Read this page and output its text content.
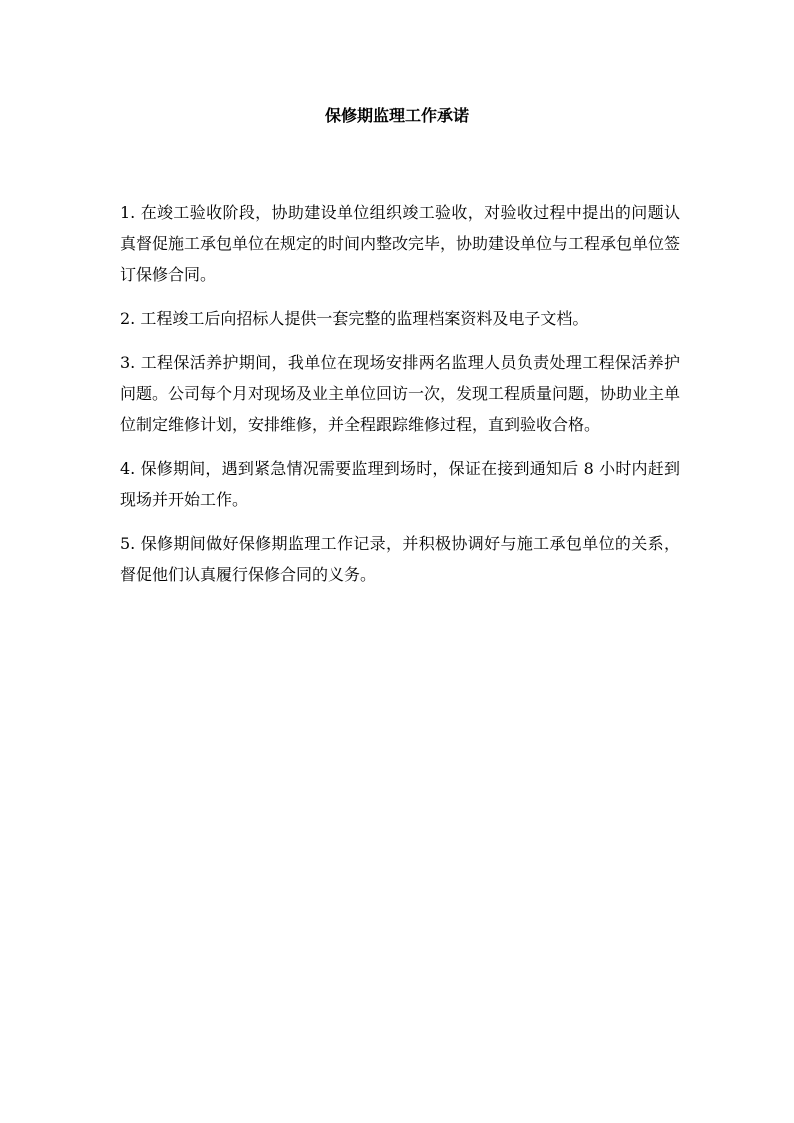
保修期监理工作承诺

1. 在竣工验收阶段，协助建设单位组织竣工验收，对验收过程中提出的问题认真督促施工承包单位在规定的时间内整改完毕，协助建设单位与工程承包单位签订保修合同。

2. 工程竣工后向招标人提供一套完整的监理档案资料及电子文档。

3. 工程保活养护期间，我单位在现场安排两名监理人员负责处理工程保活养护问题。公司每个月对现场及业主单位回访一次，发现工程质量问题，协助业主单位制定维修计划，安排维修，并全程跟踪维修过程，直到验收合格。

4. 保修期间，遇到紧急情况需要监理到场时，保证在接到通知后 8 小时内赶到现场并开始工作。

5. 保修期间做好保修期监理工作记录，并积极协调好与施工承包单位的关系，督促他们认真履行保修合同的义务。
